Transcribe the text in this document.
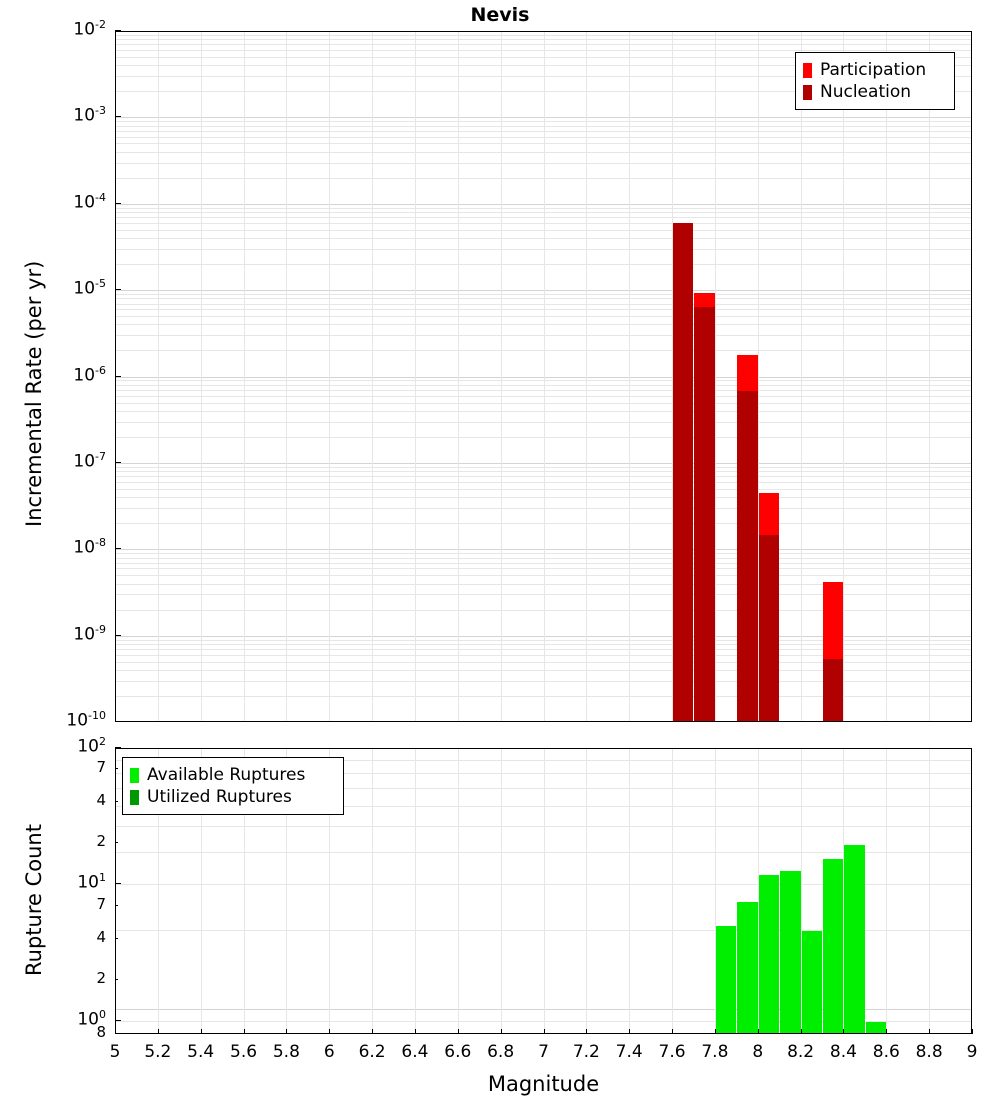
Nevis
Incremental Rate (per yr)
Participation
Nucleation
Rupture Count
Magnitude
Available Ruptures
Utilized Ruptures
$10^{-2}$
$10^{-3}$
$10^{-4}$
$10^{-5}$
$10^{-6}$
$10^{-7}$
$10^{-8}$
$10^{-9}$
$10^{-10}$
$10^2$
7
4
2
$10^1$
7
4
2
$10^0$
8
5	5.2 5.4 5.6 5.8	6	6.2 6.4 6.6 6.8	7	7.2 7.4 7.6 7.8	8	8.2 8.4 8.6 8.8	9
